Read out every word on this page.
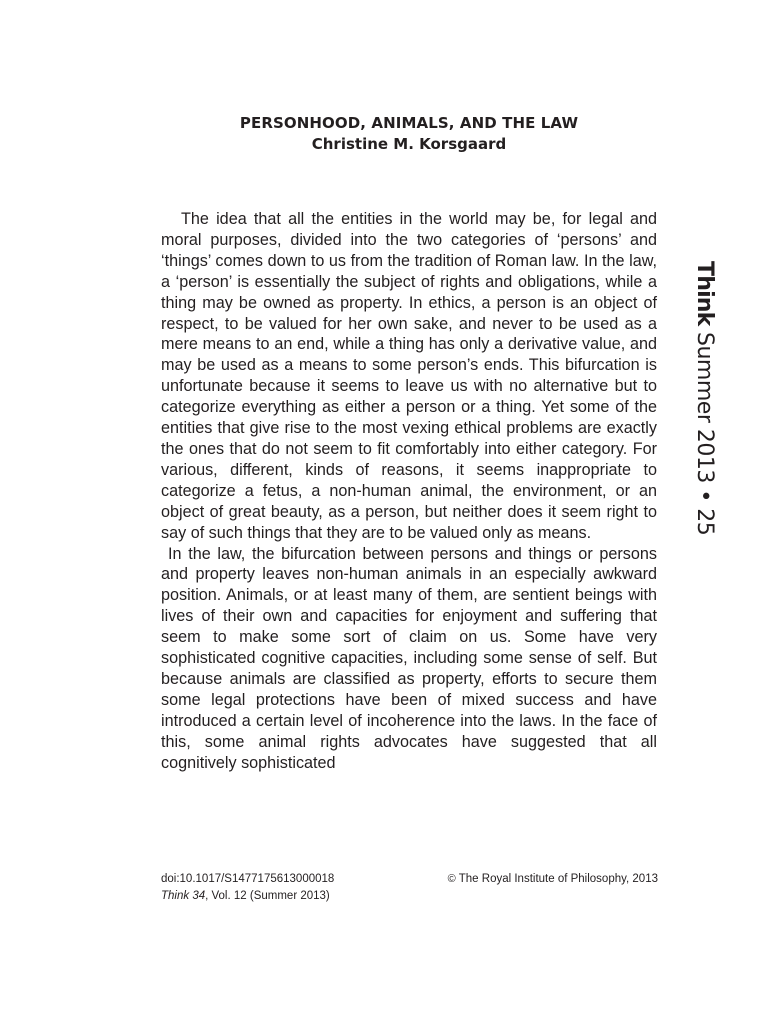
PERSONHOOD, ANIMALS, AND THE LAW
Christine M. Korsgaard

The idea that all the entities in the world may be, for legal and moral purposes, divided into the two categories of ‘persons’ and ‘things’ comes down to us from the tradition of Roman law. In the law, a ‘person’ is essentially the subject of rights and obligations, while a thing may be owned as property. In ethics, a person is an object of respect, to be valued for her own sake, and never to be used as a mere means to an end, while a thing has only a derivative value, and may be used as a means to some person’s ends. This bifurcation is unfortunate because it seems to leave us with no alternative but to categorize everything as either a person or a thing. Yet some of the entities that give rise to the most vexing ethical problems are exactly the ones that do not seem to fit comfortably into either category. For various, different, kinds of reasons, it seems inappropriate to categorize a fetus, a non-human animal, the environment, or an object of great beauty, as a person, but neither does it seem right to say of such things that they are to be valued only as means.

In the law, the bifurcation between persons and things or persons and property leaves non-human animals in an especially awkward position. Animals, or at least many of them, are sentient beings with lives of their own and capacities for enjoyment and suffering that seem to make some sort of claim on us. Some have very sophisticated cognitive capacities, including some sense of self. But because animals are classified as property, efforts to secure them some legal protections have been of mixed success and have introduced a certain level of incoherence into the laws. In the face of this, some animal rights advocates have suggested that all cognitively sophisticated

Think Summer 2013 • 25
doi:10.1017/S1477175613000018	© The Royal Institute of Philosophy, 2013
Think 34, Vol. 12 (Summer 2013)
